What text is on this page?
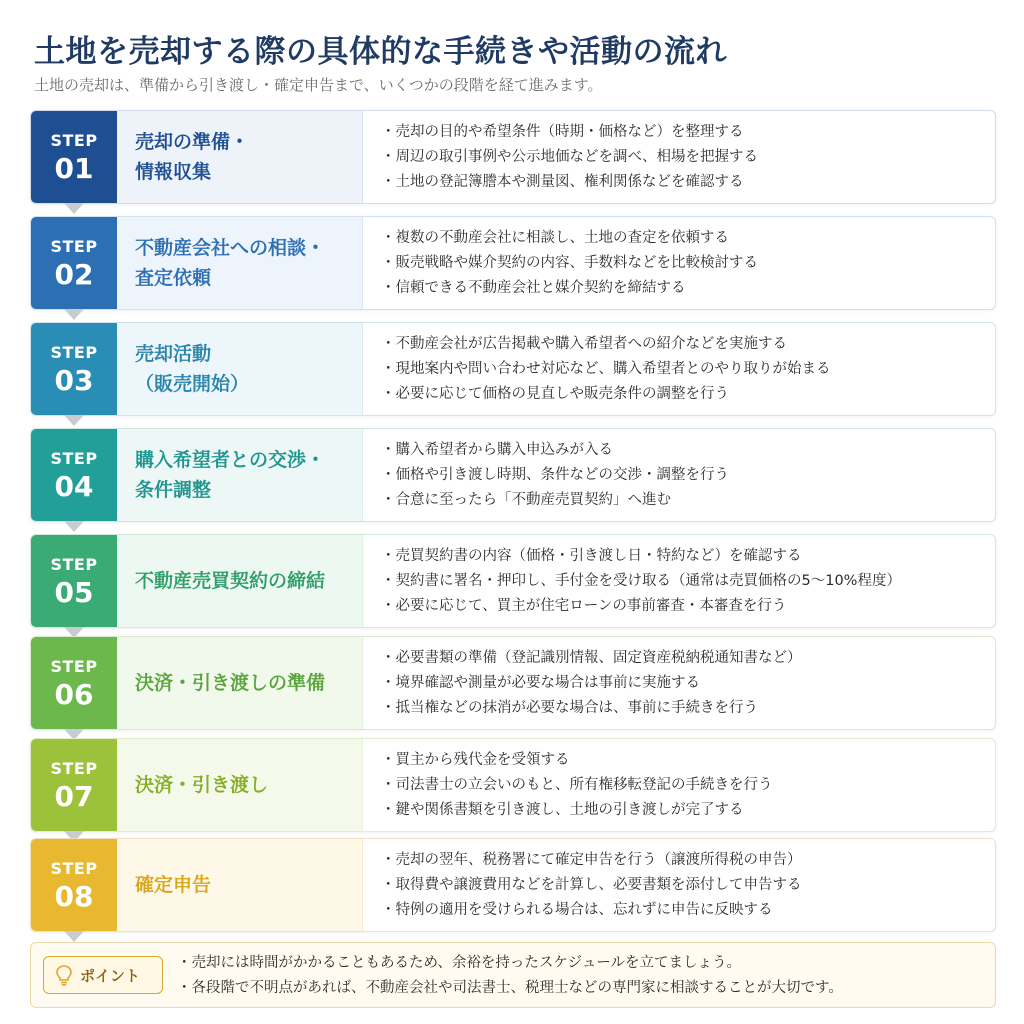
土地を売却する際の具体的な手続きや活動の流れ
土地の売却は、準備から引き渡し・確定申告まで、いくつかの段階を経て進みます。
STEP
01
売却の準備・
情報収集
・ 売却の目的や希望条件（時期・価格など）を整理する
・ 周辺の取引事例や公示地価などを調べ、相場を把握する
・ 土地の登記簿謄本や測量図、権利関係などを確認する
STEP
02
不動産会社への相談・
査定依頼
・ 複数の不動産会社に相談し、土地の査定を依頼する
・ 販売戦略や媒介契約の内容、手数料などを比較検討する
・ 信頼できる不動産会社と媒介契約を締結する
STEP
03
売却活動
（販売開始）
・ 不動産会社が広告掲載や購入希望者への紹介などを実施する
・ 現地案内や問い合わせ対応など、購入希望者とのやり取りが始まる
・ 必要に応じて価格の見直しや販売条件の調整を行う
STEP
04
購入希望者との交渉・
条件調整
・ 購入希望者から購入申込みが入る
・ 価格や引き渡し時期、条件などの交渉・調整を行う
・ 合意に至ったら「不動産売買契約」へ進む
STEP
05	不動産売買契約の締結
・ 売買契約書の内容（価格・引き渡し日・特約など）を確認する
・ 契約書に署名・押印し、手付金を受け取る（通常は売買価格の5～10%程度）
・ 必要に応じて、買主が住宅ローンの事前審査・本審査を行う
STEP
06	決済・引き渡しの準備
・ 必要書類の準備（登記識別情報、固定資産税納税通知書など）
・ 境界確認や測量が必要な場合は事前に実施する
・ 抵当権などの抹消が必要な場合は、事前に手続きを行う
STEP
07	決済・引き渡し
・ 買主から残代金を受領する
・ 司法書士の立会いのもと、所有権移転登記の手続きを行う
・ 鍵や関係書類を引き渡し、土地の引き渡しが完了する
STEP
08	確定申告
・ 売却の翌年、税務署にて確定申告を行う（譲渡所得税の申告）
・ 取得費や譲渡費用などを計算し、必要書類を添付して申告する
・ 特例の適用を受けられる場合は、忘れずに申告に反映する
ポイント
・ 売却には時間がかかることもあるため、余裕を持ったスケジュールを立てましょう。
・ 各段階で不明点があれば、不動産会社や司法書士、税理士などの専門家に相談することが大切です。
